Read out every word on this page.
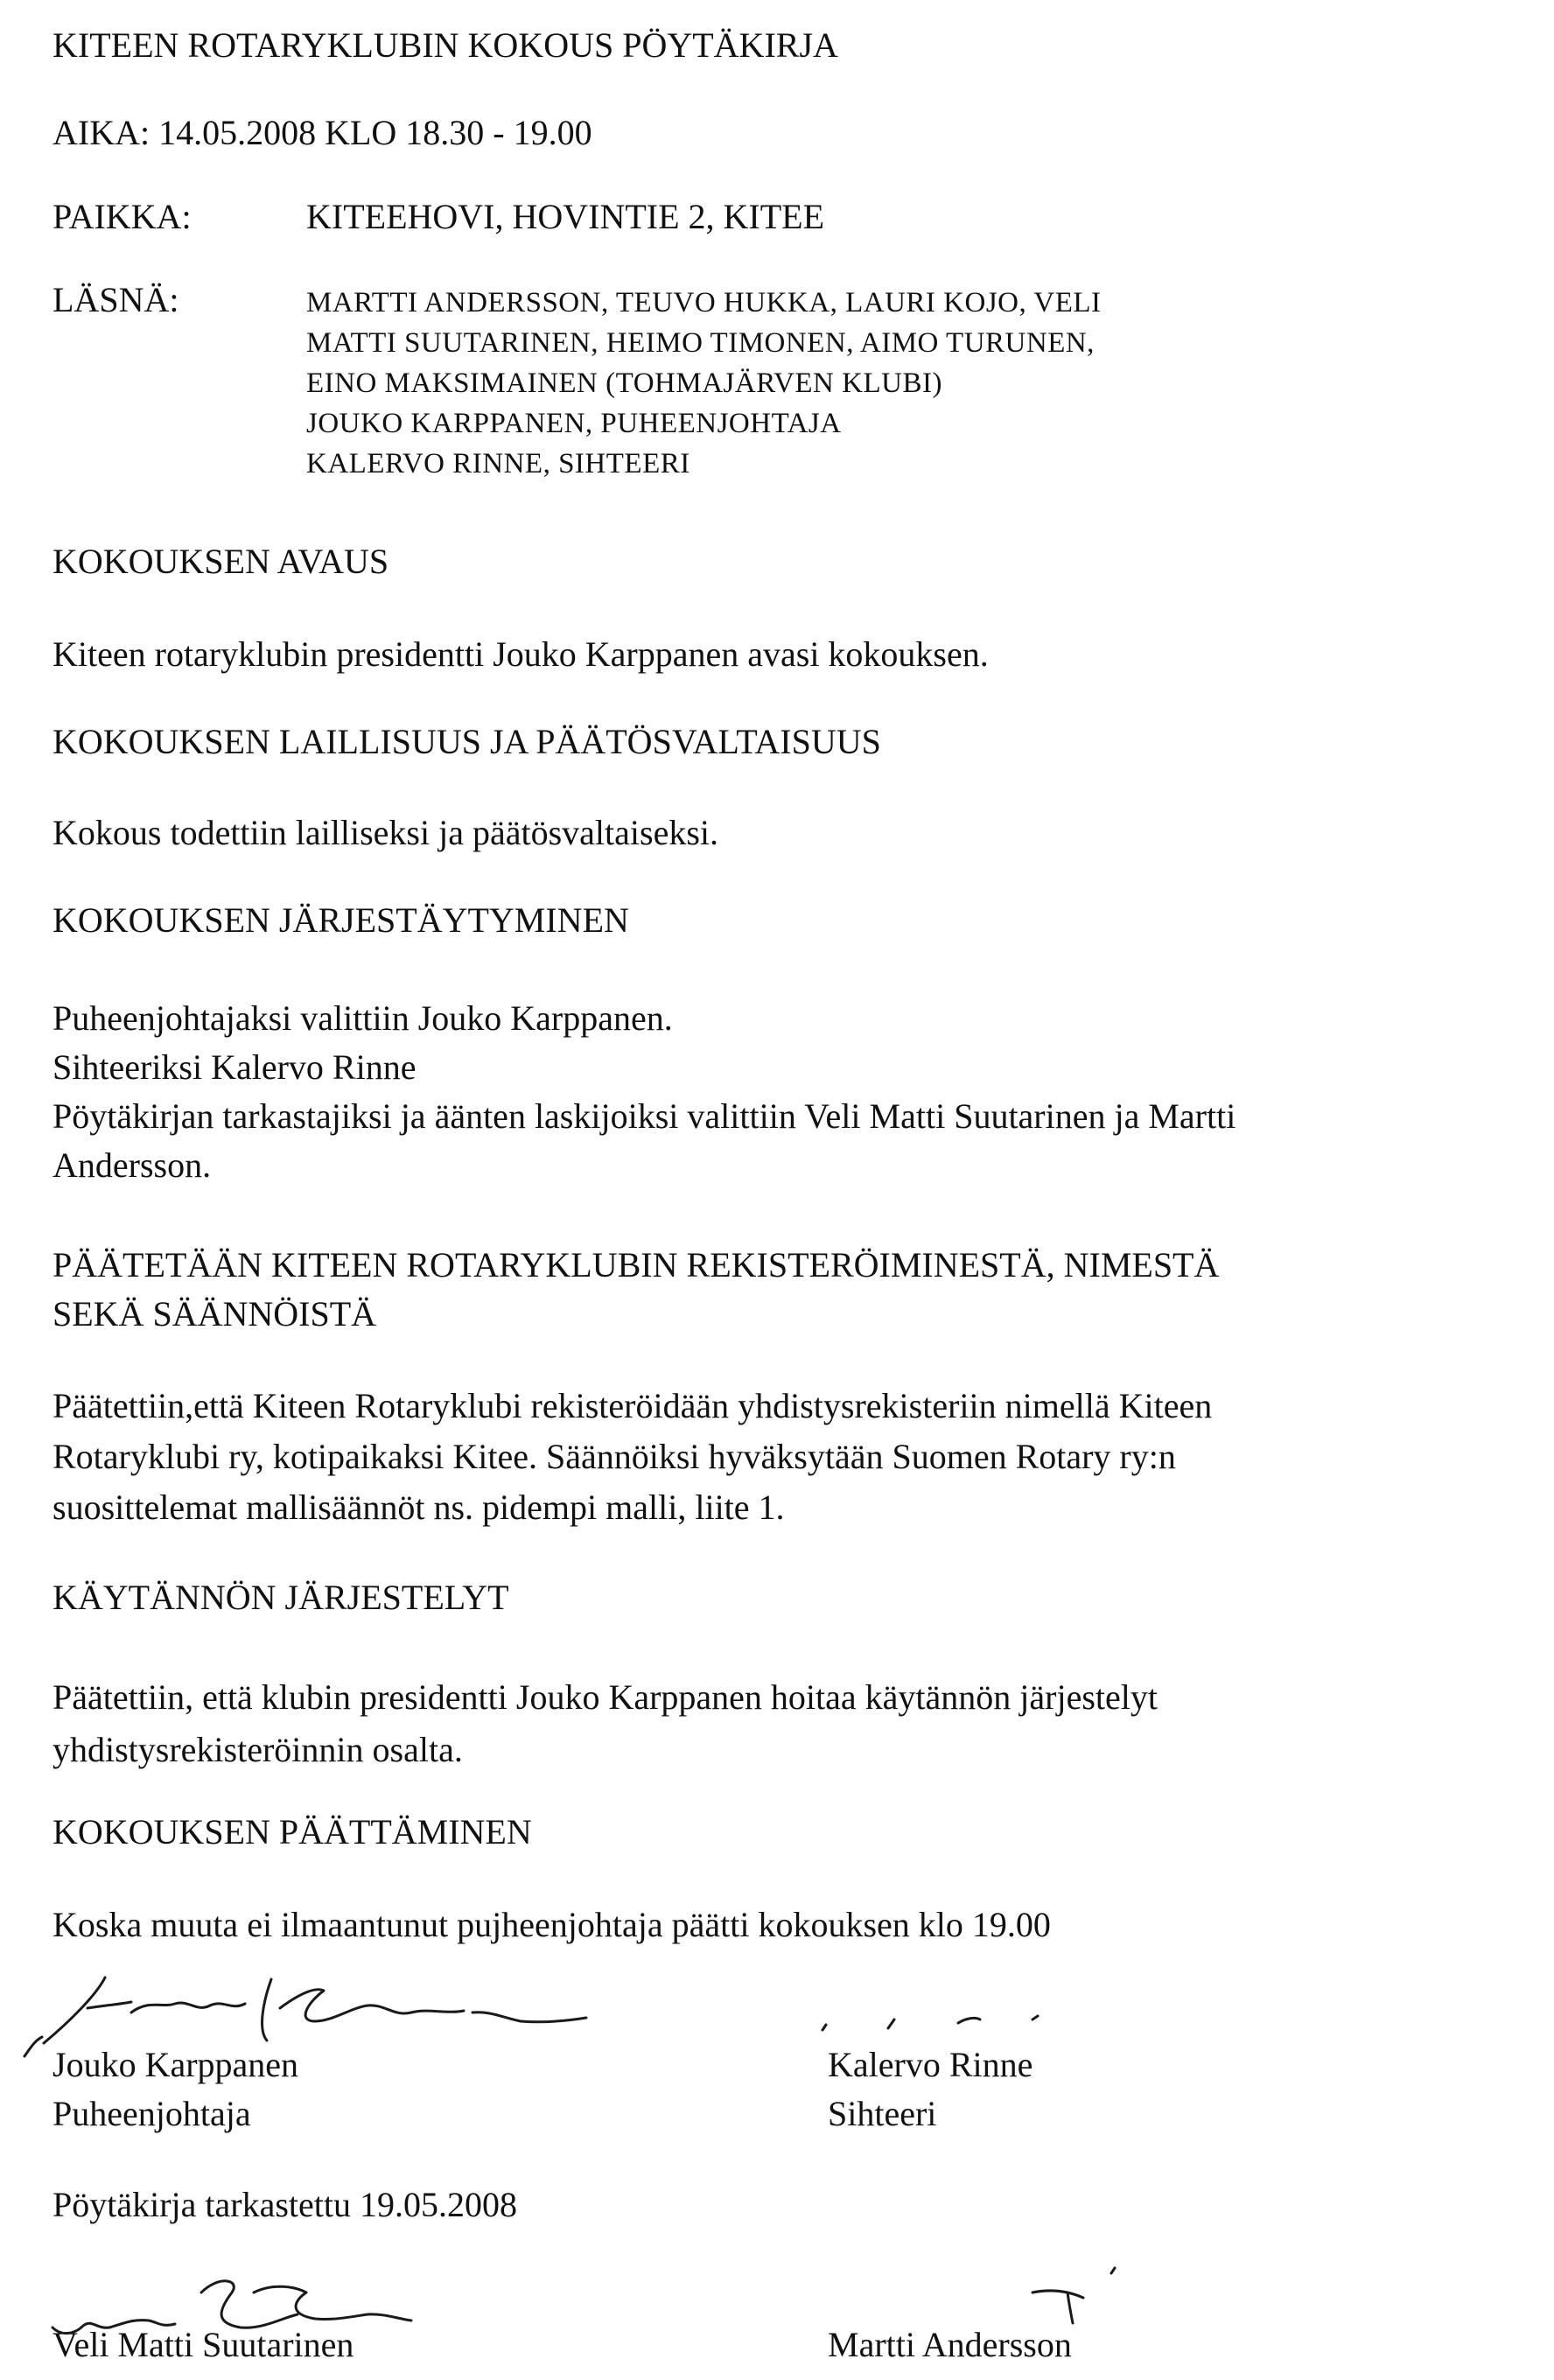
KITEEN ROTARYKLUBIN KOKOUS PÖYTÄKIRJA
AIKA: 14.05.2008 KLO 18.30 - 19.00
PAIKKA:	KITEEHOVI, HOVINTIE 2, KITEE
LÄSNÄ:	MARTTI ANDERSSON, TEUVO HUKKA, LAURI KOJO, VELI
MATTI SUUTARINEN, HEIMO TIMONEN, AIMO TURUNEN,
EINO MAKSIMAINEN (TOHMAJÄRVEN KLUBI)
JOUKO KARPPANEN, PUHEENJOHTAJA
KALERVO RINNE, SIHTEERI
KOKOUKSEN AVAUS
Kiteen rotaryklubin presidentti Jouko Karppanen avasi kokouksen.
KOKOUKSEN LAILLISUUS JA PÄÄTÖSVALTAISUUS
Kokous todettiin lailliseksi ja päätösvaltaiseksi.
KOKOUKSEN JÄRJESTÄYTYMINEN
Puheenjohtajaksi valittiin Jouko Karppanen.
Sihteeriksi Kalervo Rinne
Pöytäkirjan tarkastajiksi ja äänten laskijoiksi valittiin Veli Matti Suutarinen ja Martti
Andersson.
PÄÄTETÄÄN KITEEN ROTARYKLUBIN REKISTERÖIMINESTÄ, NIMESTÄ
SEKÄ SÄÄNNÖISTÄ
Päätettiin,että Kiteen Rotaryklubi rekisteröidään yhdistysrekisteriin nimellä Kiteen
Rotaryklubi ry, kotipaikaksi Kitee. Säännöiksi hyväksytään Suomen Rotary ry:n
suosittelemat mallisäännöt ns. pidempi malli, liite 1.
KÄYTÄNNÖN JÄRJESTELYT
Päätettiin, että klubin presidentti Jouko Karppanen hoitaa käytännön järjestelyt
yhdistysrekisteröinnin osalta.
KOKOUKSEN PÄÄTTÄMINEN
Koska muuta ei ilmaantunut pujheenjohtaja päätti kokouksen klo 19.00
Jouko Karppanen
Puheenjohtaja
Kalervo Rinne
Sihteeri
Pöytäkirja tarkastettu 19.05.2008
Veli Matti Suutarinen	Martti Andersson
